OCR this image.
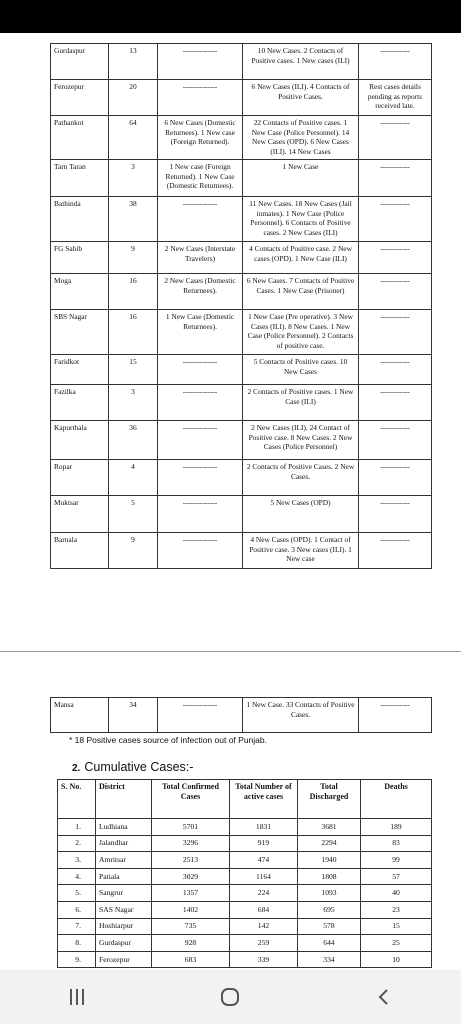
Gurdaspur	13	--------------	10 New Cases. 2 Contacts of Positive cases. 1 New cases (ILI)	------------
Ferozepur	20	--------------	6 New Cases (ILI). 4 Contacts of Positive Cases.	Rest cases details pending as reports received late.
Pathankot	64	6 New Cases (Domestic Returnees). 1 New case (Foreign Returned).	22 Contacts of Positive cases. 1 New Case (Police Personnel). 14 New Cases (OPD). 6 New Cases (ILI). 14 New Cases	------------
Tarn Taran	3	1 New case (Foreign Returned). 1 New Case (Domestic Returnees).	1 New Case	------------
Bathinda	38	--------------	11 New Cases. 18 New Cases (Jail inmates). 1 New Case (Police Personnel). 6 Contacts of Positive cases. 2 New Cases (ILI)	------------
FG Sahib	9	2 New Cases (Interstate Travelers)	4 Contacts of Positive case. 2 New cases (OPD). 1 New Case (ILI)	------------
Moga	16	2 New Cases (Domestic Returnees).	6 New Cases. 7 Contacts of Positive Cases. 1 New Case (Prisoner)	------------
SBS Nagar	16	1 New Case (Domestic Returnees).	1 New Case (Pre operative). 3 New Cases (ILI). 8 New Cases. 1 New Case (Police Personnel). 2 Contacts of positive case.	------------
Faridkot	15	--------------	5 Contacts of Positive cases. 10 New Cases	------------
Fazilka	3	--------------	2 Contacts of Positive cases. 1 New Case (ILI)	------------
Kapurthala	36	--------------	2 New Cases (ILI). 24 Contact of Positive case. 8 New Cases. 2 New Cases (Police Personnel)	------------
Ropar	4	--------------	2 Contacts of Positive Cases. 2 New Cases.	------------
Muktsar	5	--------------	5 New Cases (OPD)	------------
Barnala	9	--------------	4 New Cases (OPD). 1 Contact of Positive case. 3 New cases (ILI). 1 New case	------------
Mansa	34	--------------	1 New Case. 33 Contacts of Positive Cases.	------------
* 18 Positive cases source of infection out of Punjab.
2. Cumulative Cases:-
S. No.	District	Total Confirmed Cases	Total Number of active cases	Total Discharged	Deaths
1.	Ludhiana	5701	1831	3681	189
2.	Jalandhar	3296	919	2294	83
3.	Amritsar	2513	474	1940	99
4.	Patiala	3029	1164	1808	57
5.	Sangrur	1357	224	1093	40
6.	SAS Nagar	1402	684	695	23
7.	Hoshiarpur	735	142	578	15
8.	Gurdaspur	928	259	644	25
9.	Ferozepur	683	339	334	10
